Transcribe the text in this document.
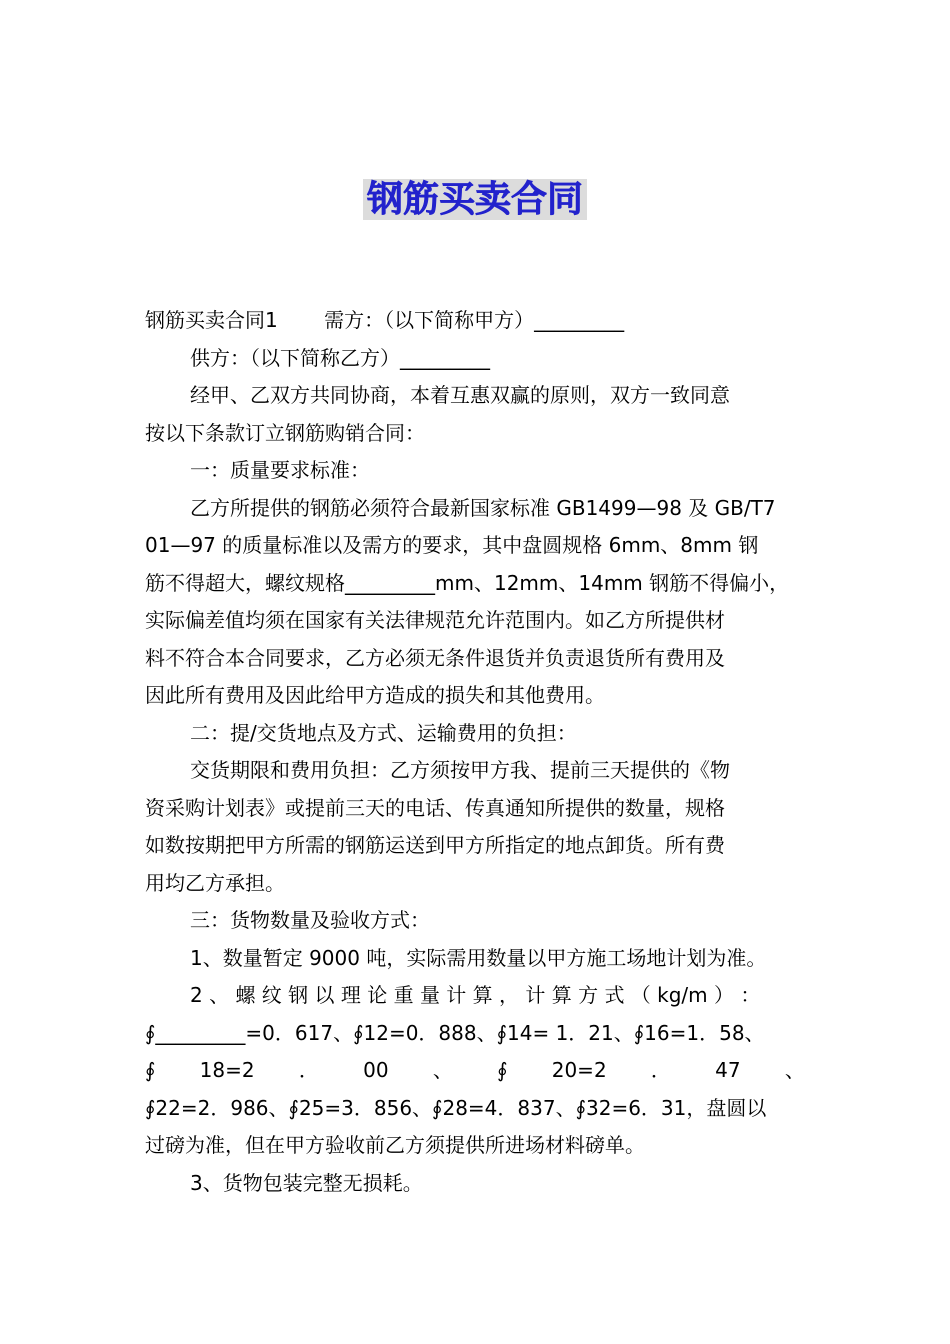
钢筋买卖合同
钢筋买卖合同1 　　需方：（以下简称甲方）_________
供方：（以下简称乙方）_________
经甲、乙双方共同协商，本着互惠双赢的原则，双方一致同意
按以下条款订立钢筋购销合同：
一：质量要求标准：
乙方所提供的钢筋必须符合最新国家标准 GB1499—98 及 GB/T7
01—97 的质量标准以及需方的要求，其中盘圆规格 6mm、8mm 钢
筋不得超大，螺纹规格_________mm、12mm、14mm 钢筋不得偏小，
实际偏差值均须在国家有关法律规范允许范围内。如乙方所提供材
料不符合本合同要求，乙方必须无条件退货并负责退货所有费用及
因此所有费用及因此给甲方造成的损失和其他费用。
二：提/交货地点及方式、运输费用的负担：
交货期限和费用负担：乙方须按甲方我、提前三天提供的《物
资采购计划表》或提前三天的电话、传真通知所提供的数量，规格
如数按期把甲方所需的钢筋运送到甲方所指定的地点卸货。所有费
用均乙方承担。
三：货物数量及验收方式：
1、数量暂定 9000 吨，实际需用数量以甲方施工场地计划为准。
2 、 螺 纹 钢 以 理 论 重 量 计 算 ， 计 算 方 式 （ kg/m ） ：
∮_________=0．617、∮12=0．888、∮14= 1．21、∮16=1．58、
∮ 18=2 ． 00 、 ∮ 20=2 ． 47 、
∮22=2．986、∮25=3．856、∮28=4．837、∮32=6．31，盘圆以
过磅为准，但在甲方验收前乙方须提供所进场材料磅单。
3、货物包装完整无损耗。
